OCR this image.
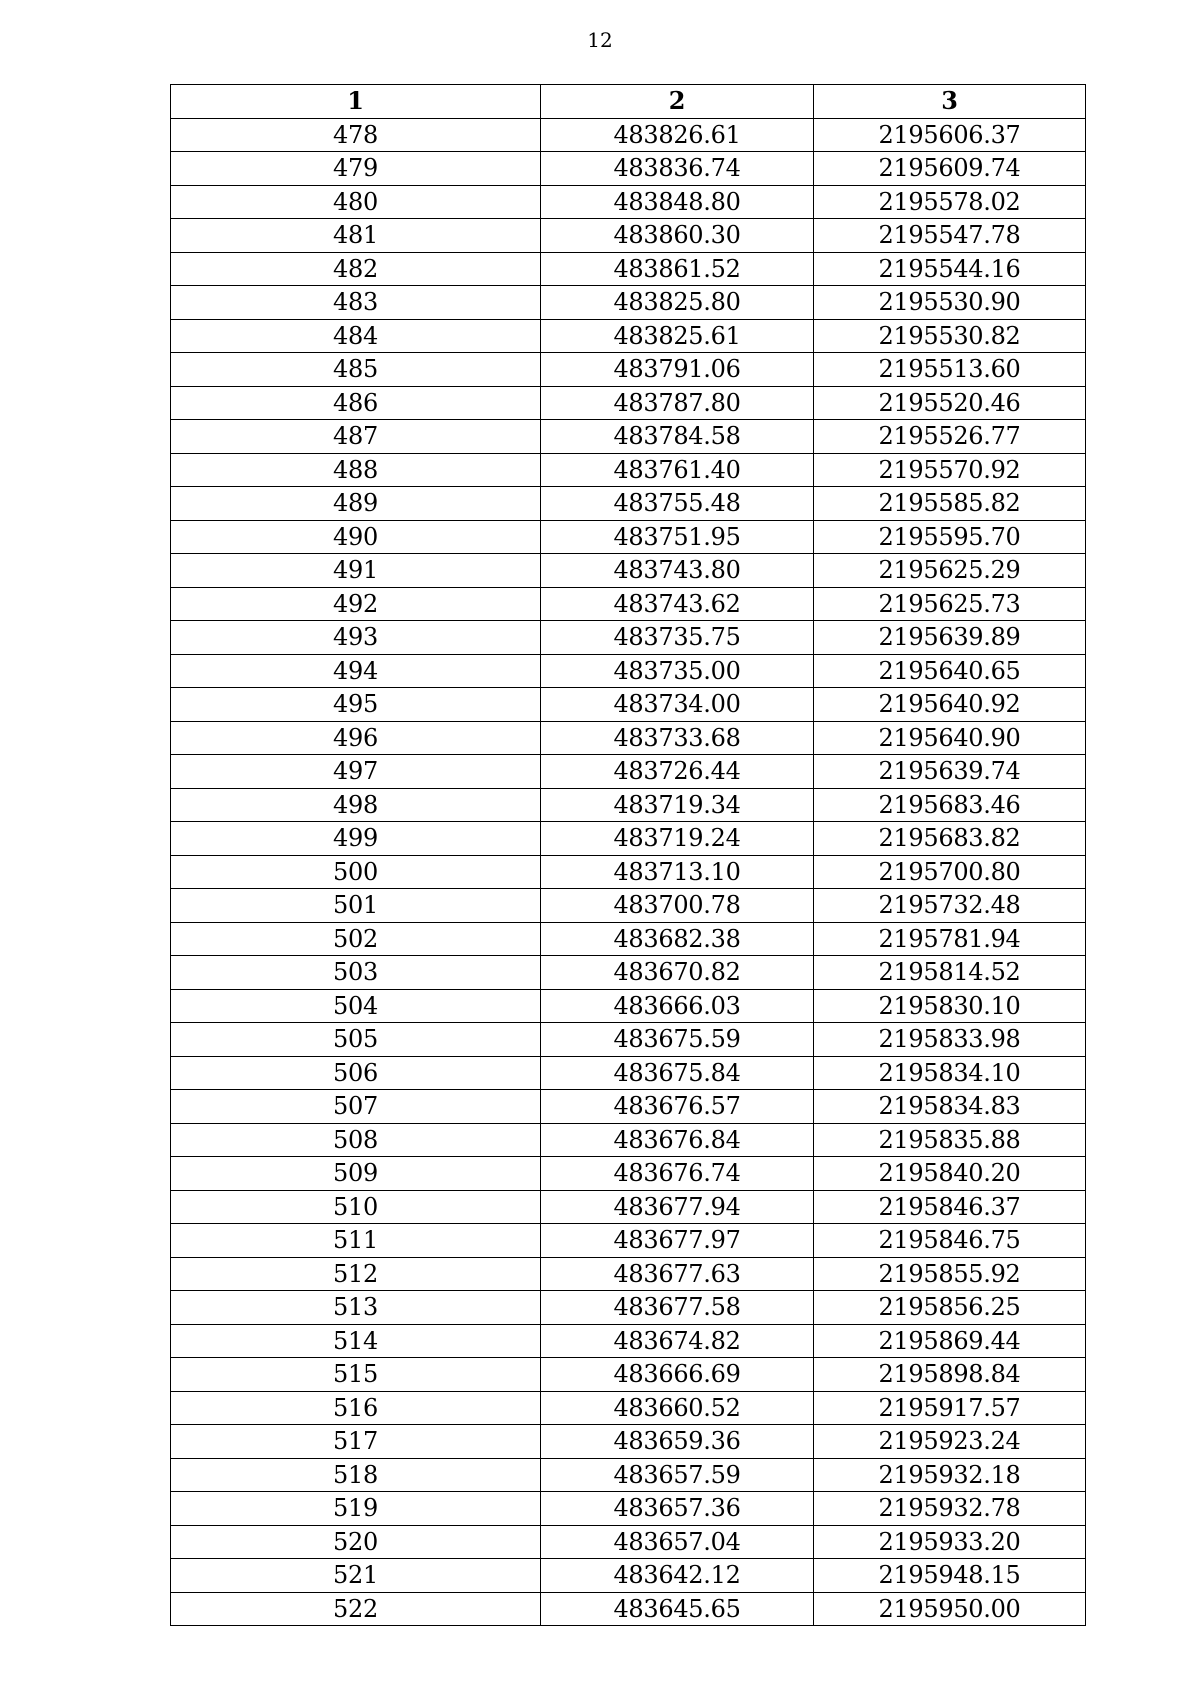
12
1	2	3
478	483826.61	2195606.37
479	483836.74	2195609.74
480	483848.80	2195578.02
481	483860.30	2195547.78
482	483861.52	2195544.16
483	483825.80	2195530.90
484	483825.61	2195530.82
485	483791.06	2195513.60
486	483787.80	2195520.46
487	483784.58	2195526.77
488	483761.40	2195570.92
489	483755.48	2195585.82
490	483751.95	2195595.70
491	483743.80	2195625.29
492	483743.62	2195625.73
493	483735.75	2195639.89
494	483735.00	2195640.65
495	483734.00	2195640.92
496	483733.68	2195640.90
497	483726.44	2195639.74
498	483719.34	2195683.46
499	483719.24	2195683.82
500	483713.10	2195700.80
501	483700.78	2195732.48
502	483682.38	2195781.94
503	483670.82	2195814.52
504	483666.03	2195830.10
505	483675.59	2195833.98
506	483675.84	2195834.10
507	483676.57	2195834.83
508	483676.84	2195835.88
509	483676.74	2195840.20
510	483677.94	2195846.37
511	483677.97	2195846.75
512	483677.63	2195855.92
513	483677.58	2195856.25
514	483674.82	2195869.44
515	483666.69	2195898.84
516	483660.52	2195917.57
517	483659.36	2195923.24
518	483657.59	2195932.18
519	483657.36	2195932.78
520	483657.04	2195933.20
521	483642.12	2195948.15
522	483645.65	2195950.00
